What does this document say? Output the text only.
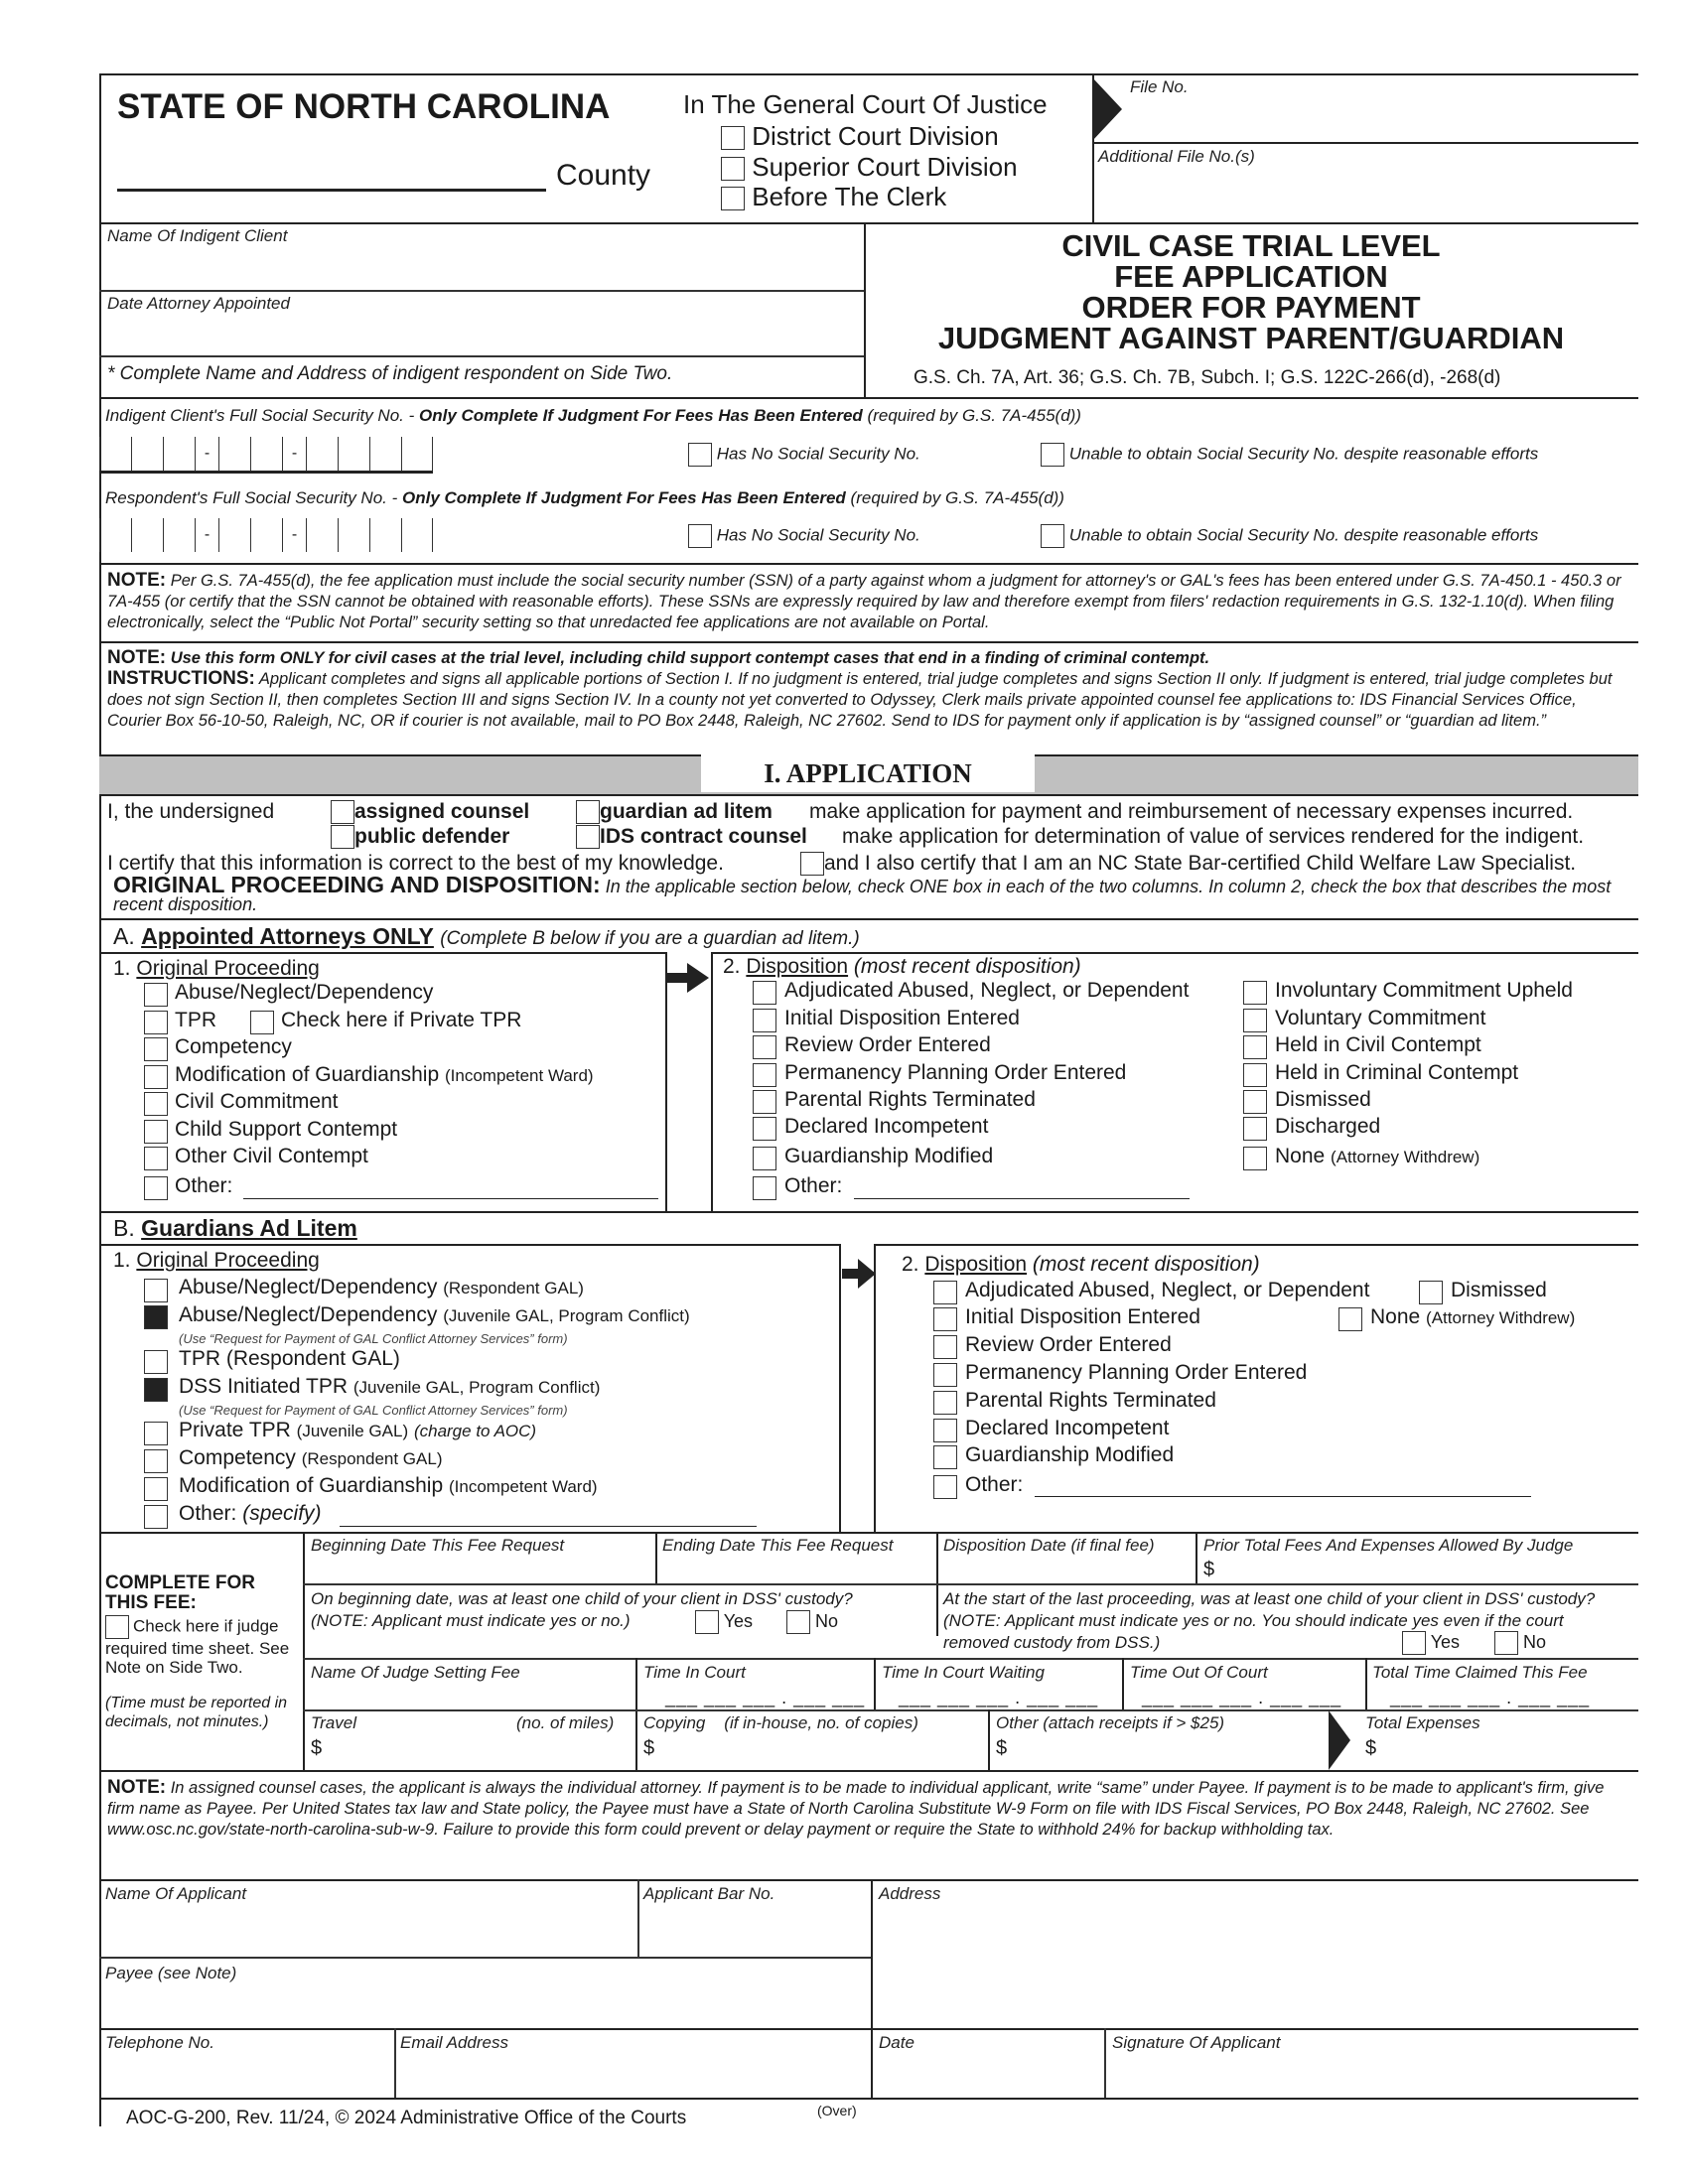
STATE OF NORTH CAROLINA
County
In The General Court Of Justice
District Court Division
Superior Court Division
Before The Clerk
File No.
Additional File No.(s)
Name Of Indigent Client
Date Attorney Appointed
* Complete Name and Address of indigent respondent on Side Two.
CIVIL CASE TRIAL LEVEL
FEE APPLICATION
ORDER FOR PAYMENT
JUDGMENT AGAINST PARENT/GUARDIAN
G.S. Ch. 7A, Art. 36; G.S. Ch. 7B, Subch. I; G.S. 122C-266(d), -268(d)
Indigent Client's Full Social Security No. - Only Complete If Judgment For Fees Has Been Entered (required by G.S. 7A-455(d))
-	-	Has No Social Security No.	Unable to obtain Social Security No. despite reasonable efforts
Respondent's Full Social Security No. - Only Complete If Judgment For Fees Has Been Entered (required by G.S. 7A-455(d))
-	-	Has No Social Security No.	Unable to obtain Social Security No. despite reasonable efforts
NOTE: Per G.S. 7A-455(d), the fee application must include the social security number (SSN) of a party against whom a judgment for attorney's or GAL's fees has been entered under G.S. 7A-450.1 - 450.3 or 7A-455 (or certify that the SSN cannot be obtained with reasonable efforts). These SSNs are expressly required by law and therefore exempt from filers' redaction requirements in G.S. 132-1.10(d). When filing electronically, select the “Public Not Portal” security setting so that unredacted fee applications are not available on Portal.
NOTE: Use this form ONLY for civil cases at the trial level, including child support contempt cases that end in a finding of criminal contempt.
INSTRUCTIONS: Applicant completes and signs all applicable portions of Section I. If no judgment is entered, trial judge completes and signs Section II only. If judgment is entered, trial judge completes but does not sign Section II, then completes Section III and signs Section IV. In a county not yet converted to Odyssey, Clerk mails private appointed counsel fee applications to: IDS Financial Services Office, Courier Box 56-10-50, Raleigh, NC, OR if courier is not available, mail to PO Box 2448, Raleigh, NC 27602. Send to IDS for payment only if application is by “assigned counsel” or “guardian ad litem.”
I. APPLICATION
I, the undersigned	assigned counsel	guardian ad litem make application for payment and reimbursement of necessary expenses incurred.
public defender	IDS contract counsel make application for determination of value of services rendered for the indigent.
I certify that this information is correct to the best of my knowledge.	and I also certify that I am an NC State Bar-certified Child Welfare Law Specialist.
ORIGINAL PROCEEDING AND DISPOSITION: In the applicable section below, check ONE box in each of the two columns. In column 2, check the box that describes the most recent disposition.
A. Appointed Attorneys ONLY (Complete B below if you are a guardian ad litem.)
1. Original Proceeding
Abuse/Neglect/Dependency
TPR	Check here if Private TPR
Competency
Modification of Guardianship (Incompetent Ward)
Civil Commitment
Child Support Contempt
Other Civil Contempt
Other:
2. Disposition (most recent disposition)
Adjudicated Abused, Neglect, or Dependent
Initial Disposition Entered
Review Order Entered
Permanency Planning Order Entered
Parental Rights Terminated
Declared Incompetent
Guardianship Modified
Other:
Involuntary Commitment Upheld
Voluntary Commitment
Held in Civil Contempt
Held in Criminal Contempt
Dismissed
Discharged
None (Attorney Withdrew)
B. Guardians Ad Litem
1. Original Proceeding
Abuse/Neglect/Dependency (Respondent GAL)
Abuse/Neglect/Dependency (Juvenile GAL, Program Conflict)
(Use “Request for Payment of GAL Conflict Attorney Services” form)
TPR (Respondent GAL)
DSS Initiated TPR (Juvenile GAL, Program Conflict)
(Use “Request for Payment of GAL Conflict Attorney Services” form)
Private TPR (Juvenile GAL) (charge to AOC)
Competency (Respondent GAL)
Modification of Guardianship (Incompetent Ward)
Other: (specify)
2. Disposition (most recent disposition)
Adjudicated Abused, Neglect, or Dependent	Dismissed
Initial Disposition Entered	None (Attorney Withdrew)
Review Order Entered
Permanency Planning Order Entered
Parental Rights Terminated
Declared Incompetent
Guardianship Modified
Other:
COMPLETE FOR THIS FEE:
Check here if judge required time sheet. See Note on Side Two.
(Time must be reported in decimals, not minutes.)
Beginning Date This Fee Request	Ending Date This Fee Request	Disposition Date (if final fee)	Prior Total Fees And Expenses Allowed By Judge
$
On beginning date, was at least one child of your client in DSS' custody?
(NOTE: Applicant must indicate yes or no.)	Yes	No
At the start of the last proceeding, was at least one child of your client in DSS' custody? (NOTE: Applicant must indicate yes or no. You should indicate yes even if the court removed custody from DSS.)	Yes	No
Name Of Judge Setting Fee	Time In Court
___ ___ ___ . ___ ___
Time In Court Waiting
___ ___ ___ . ___ ___
Time Out Of Court
___ ___ ___ . ___ ___
Total Time Claimed This Fee
___ ___ ___ . ___ ___
Travel	(no. of miles)
$
Copying (if in-house, no. of copies)
$
Other (attach receipts if > $25)
$
Total Expenses
$
NOTE: In assigned counsel cases, the applicant is always the individual attorney. If payment is to be made to individual applicant, write “same” under Payee. If payment is to be made to applicant's firm, give firm name as Payee. Per United States tax law and State policy, the Payee must have a State of North Carolina Substitute W-9 Form on file with IDS Fiscal Services, PO Box 2448, Raleigh, NC 27602. See www.osc.nc.gov/state-north-carolina-sub-w-9. Failure to provide this form could prevent or delay payment or require the State to withhold 24% for backup withholding tax.
Name Of Applicant	Applicant Bar No.	Address
Payee (see Note)
Telephone No.	Email Address	Date	Signature Of Applicant
AOC-G-200, Rev. 11/24, © 2024 Administrative Office of the Courts	(Over)
